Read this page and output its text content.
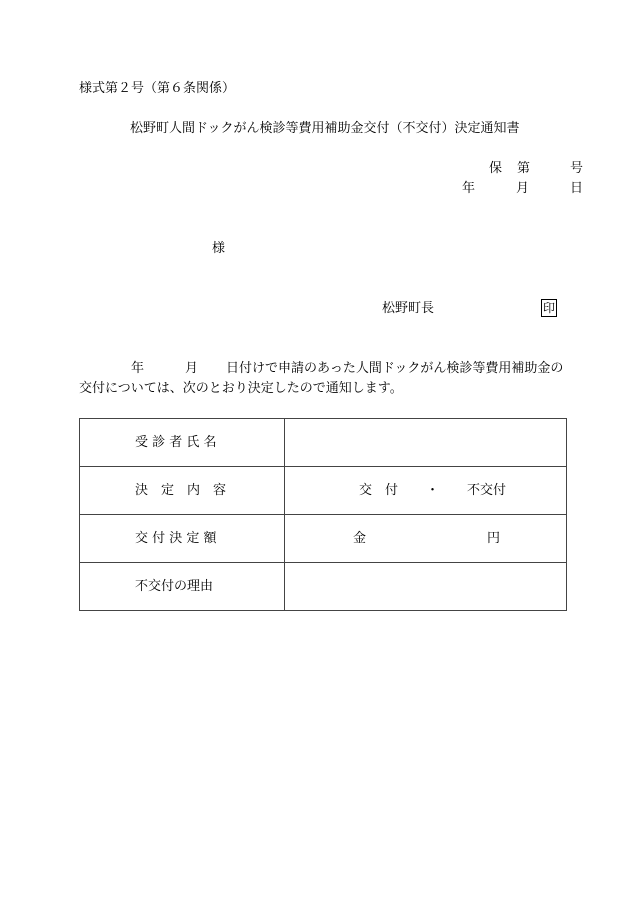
様式第２号（第６条関係）
松野町人間ドックがん検診等費用補助金交付（不交付）決定通知書
保 第	号
年	月	日
様
松野町長	印
年	月 日付けで申請のあった人間ドックがん検診等費用補助金の
交付については、次のとおり決定したので通知します。
受 診 者 氏 名	

決　定　内　容	交　付 ・ 不交付

交 付 決 定 額	金 円

不交付の理由	
